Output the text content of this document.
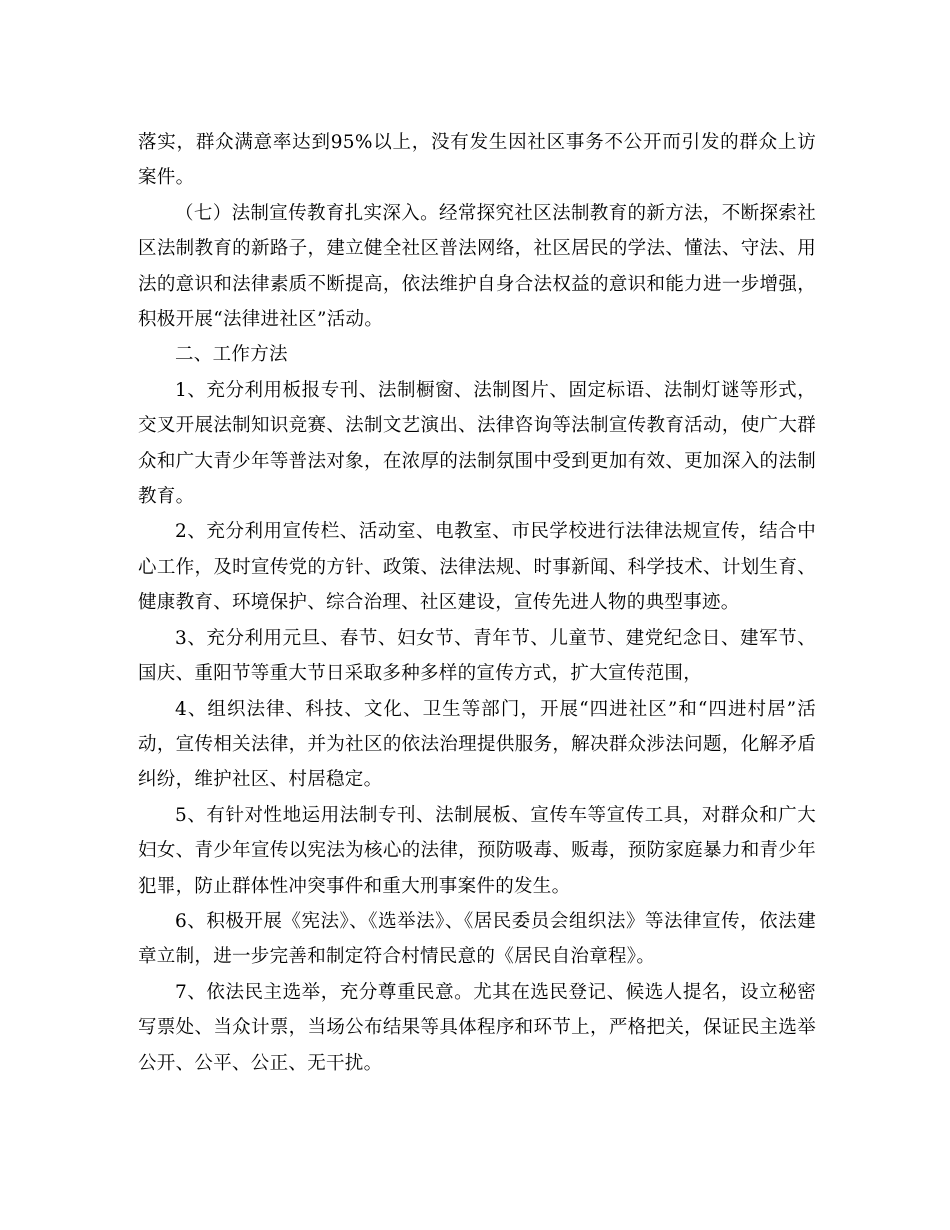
落实，群众满意率达到95%以上，没有发生因社区事务不公开而引发的群众上访案件。

（七）法制宣传教育扎实深入。经常探究社区法制教育的新方法，不断探索社区法制教育的新路子，建立健全社区普法网络，社区居民的学法、懂法、守法、用法的意识和法律素质不断提高，依法维护自身合法权益的意识和能力进一步增强，积极开展“法律进社区”活动。

二、工作方法

1、充分利用板报专刊、法制橱窗、法制图片、固定标语、法制灯谜等形式，交叉开展法制知识竞赛、法制文艺演出、法律咨询等法制宣传教育活动，使广大群众和广大青少年等普法对象，在浓厚的法制氛围中受到更加有效、更加深入的法制教育。

2、充分利用宣传栏、活动室、电教室、市民学校进行法律法规宣传，结合中心工作，及时宣传党的方针、政策、法律法规、时事新闻、科学技术、计划生育、健康教育、环境保护、综合治理、社区建设，宣传先进人物的典型事迹。

3、充分利用元旦、春节、妇女节、青年节、儿童节、建党纪念日、建军节、国庆、重阳节等重大节日采取多种多样的宣传方式，扩大宣传范围，

4、组织法律、科技、文化、卫生等部门，开展“四进社区”和“四进村居”活动，宣传相关法律，并为社区的依法治理提供服务，解决群众涉法问题，化解矛盾纠纷，维护社区、村居稳定。

5、有针对性地运用法制专刊、法制展板、宣传车等宣传工具，对群众和广大妇女、青少年宣传以宪法为核心的法律，预防吸毒、贩毒，预防家庭暴力和青少年犯罪，防止群体性冲突事件和重大刑事案件的发生。

6、积极开展《宪法》、《选举法》、《居民委员会组织法》等法律宣传，依法建章立制，进一步完善和制定符合村情民意的《居民自治章程》。

7、依法民主选举，充分尊重民意。尤其在选民登记、候选人提名，设立秘密写票处、当众计票，当场公布结果等具体程序和环节上，严格把关，保证民主选举公开、公平、公正、无干扰。
